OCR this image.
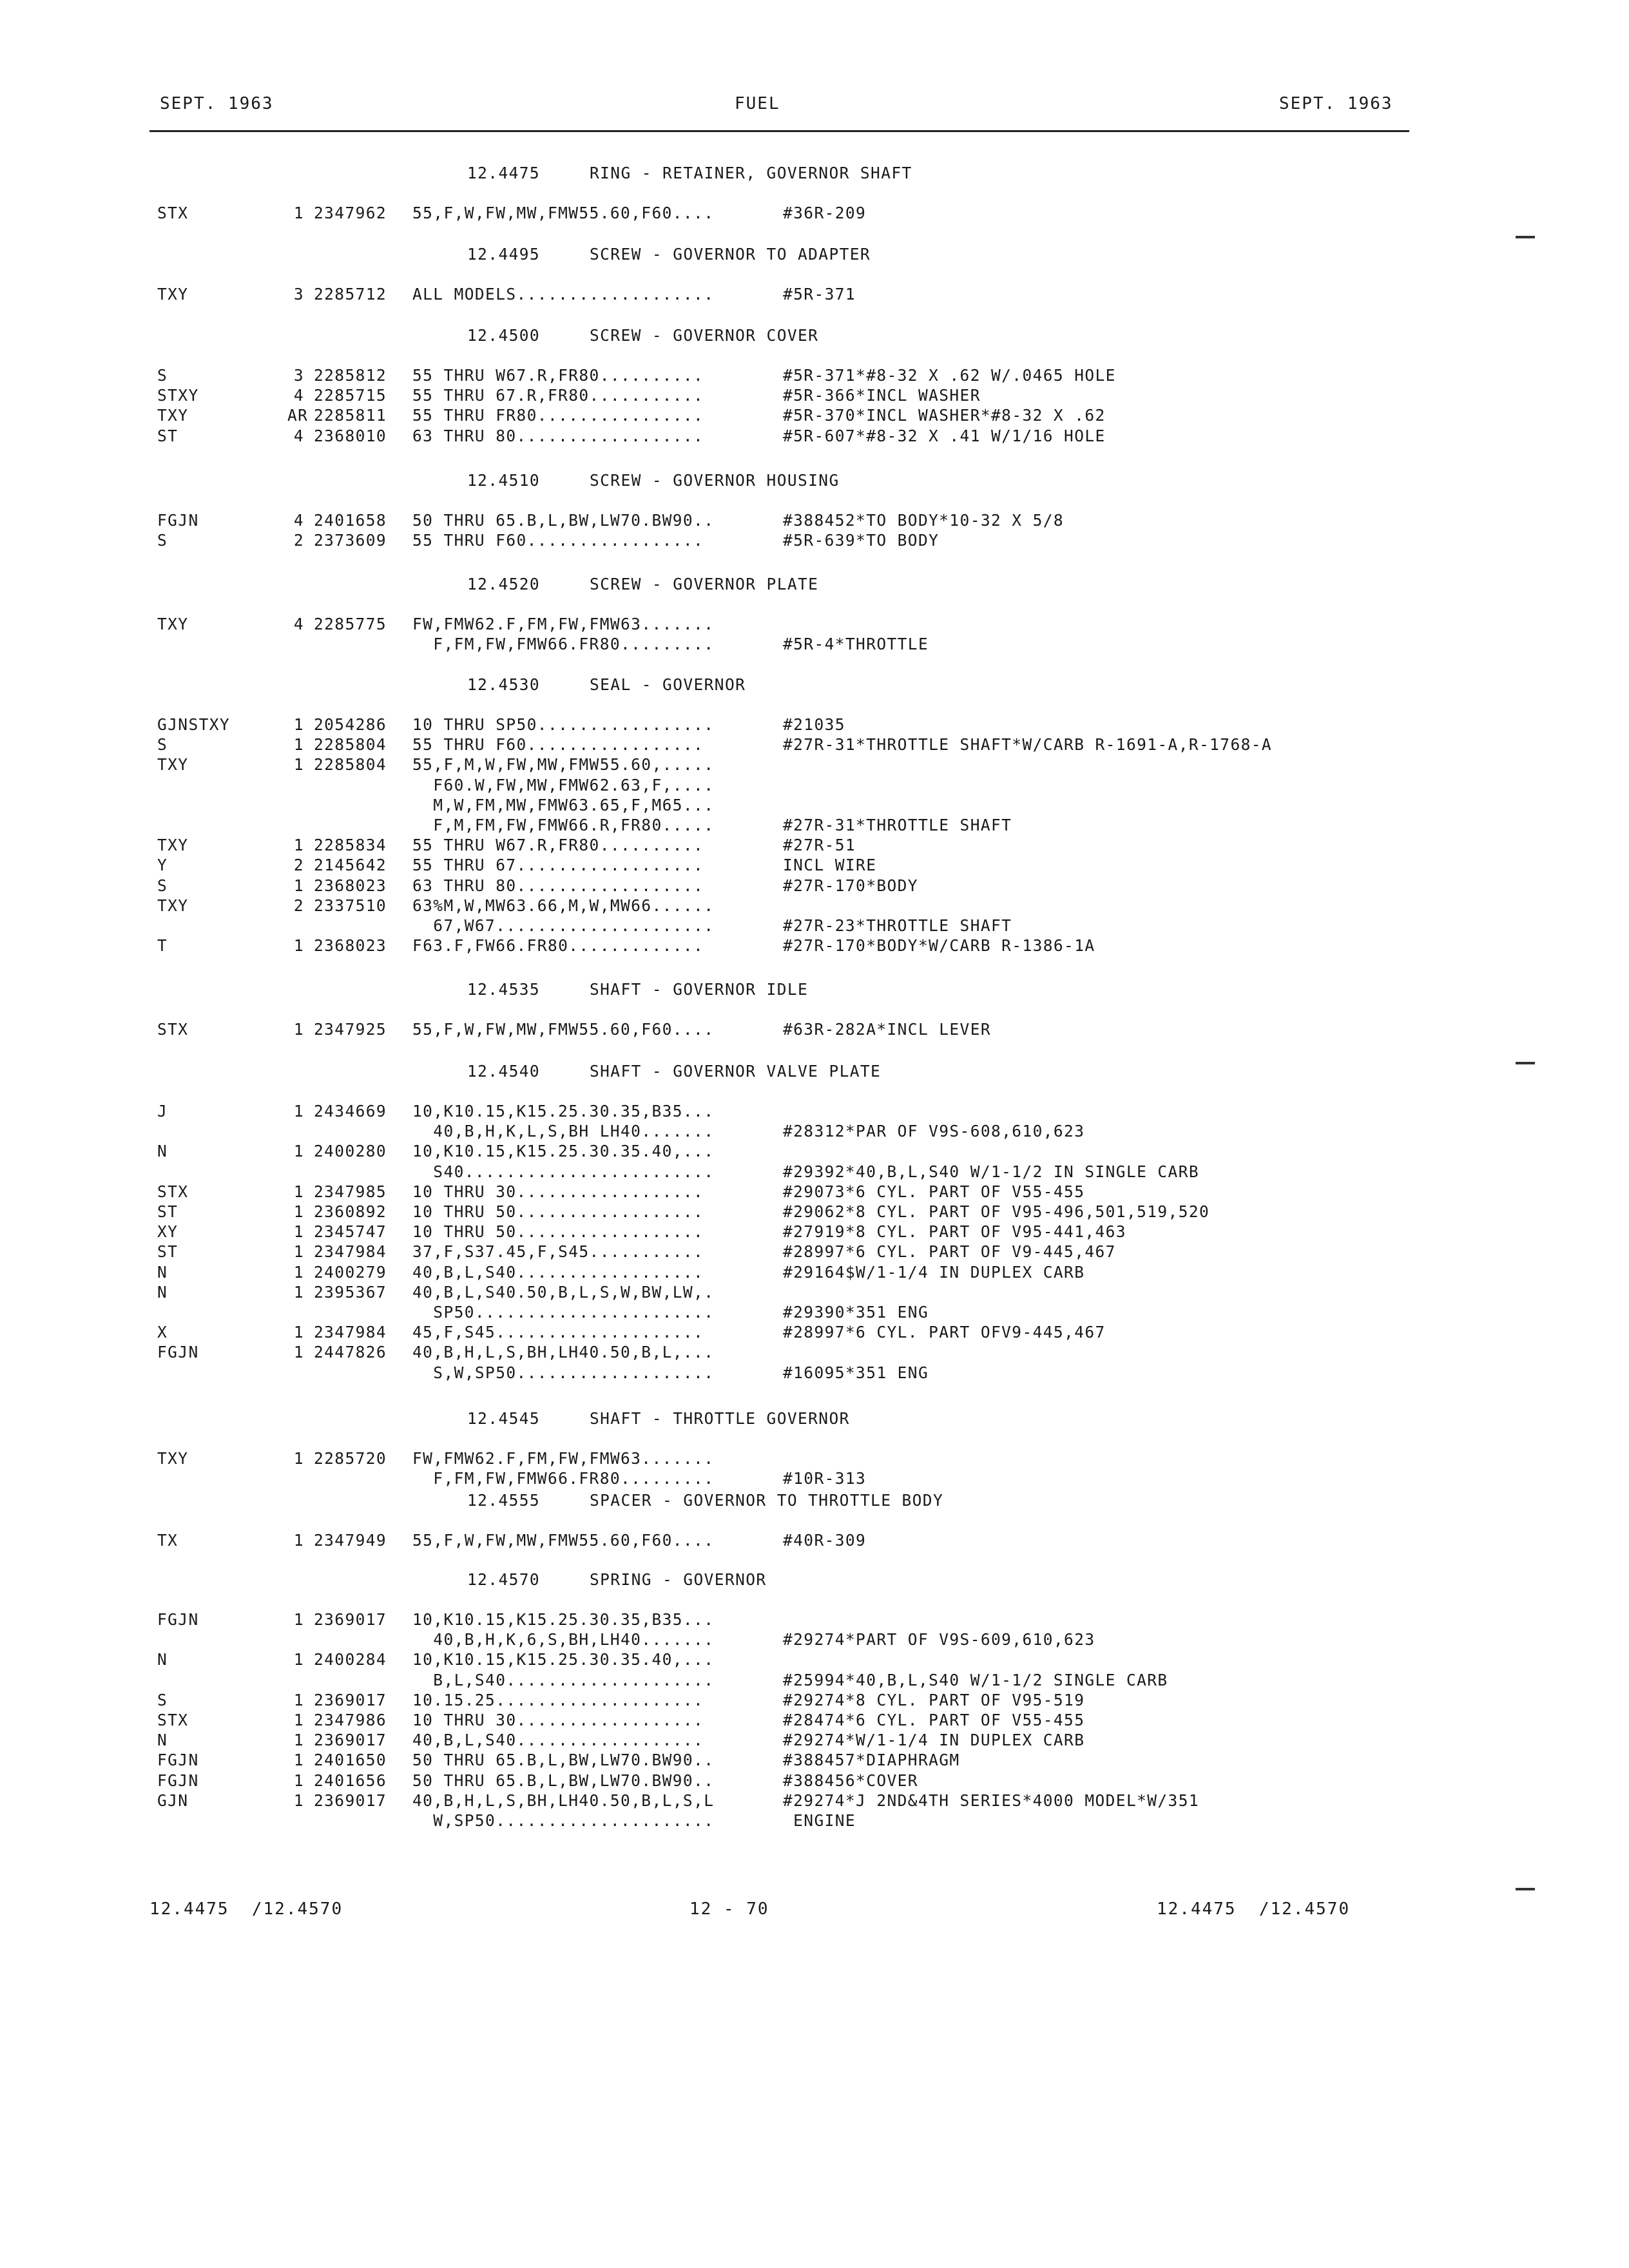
SEPT. 1963	FUEL	SEPT. 1963
12.4475	RING - RETAINER, GOVERNOR SHAFT
STX	1 2347962 55,F,W,FW,MW,FMW55.60,F60....	#36R-209
12.4495	SCREW - GOVERNOR TO ADAPTER
TXY	3 2285712 ALL MODELS...................	#5R-371
12.4500	SCREW - GOVERNOR COVER
S	3 2285812 55 THRU W67.R,FR80..........	#5R-371*#8-32 X .62 W/.0465 HOLE
STXY	4 2285715 55 THRU 67.R,FR80...........	#5R-366*INCL WASHER
TXY	AR 2285811 55 THRU FR80................	#5R-370*INCL WASHER*#8-32 X .62
ST	4 2368010 63 THRU 80..................	#5R-607*#8-32 X .41 W/1/16 HOLE
12.4510	SCREW - GOVERNOR HOUSING
FGJN	4 2401658 50 THRU 65.B,L,BW,LW70.BW90..	#388452*TO BODY*10-32 X 5/8
S	2 2373609 55 THRU F60.................	#5R-639*TO BODY
12.4520	SCREW - GOVERNOR PLATE
TXY	4 2285775 FW,FMW62.F,FM,FW,FMW63.......
F,FM,FW,FMW66.FR80.........	#5R-4*THROTTLE
12.4530	SEAL - GOVERNOR
GJNSTXY	1 2054286 10 THRU SP50.................	#21035
S	1 2285804 55 THRU F60.................	#27R-31*THROTTLE SHAFT*W/CARB R-1691-A,R-1768-A
TXY	1 2285804 55,F,M,W,FW,MW,FMW55.60,.....
F60.W,FW,MW,FMW62.63,F,....
M,W,FM,MW,FMW63.65,F,M65...
F,M,FM,FW,FMW66.R,FR80.....	#27R-31*THROTTLE SHAFT
TXY	1 2285834 55 THRU W67.R,FR80..........	#27R-51
Y	2 2145642 55 THRU 67..................	INCL WIRE
S	1 2368023 63 THRU 80..................	#27R-170*BODY
TXY	2 2337510 63%M,W,MW63.66,M,W,MW66......
67,W67.....................	#27R-23*THROTTLE SHAFT
T	1 2368023 F63.F,FW66.FR80.............	#27R-170*BODY*W/CARB R-1386-1A
12.4535	SHAFT - GOVERNOR IDLE
STX	1 2347925 55,F,W,FW,MW,FMW55.60,F60....	#63R-282A*INCL LEVER
12.4540	SHAFT - GOVERNOR VALVE PLATE
J	1 2434669 10,K10.15,K15.25.30.35,B35...
40,B,H,K,L,S,BH LH40.......	#28312*PAR OF V9S-608,610,623
N	1 2400280 10,K10.15,K15.25.30.35.40,...
S40........................	#29392*40,B,L,S40 W/1-1/2 IN SINGLE CARB
STX	1 2347985 10 THRU 30..................	#29073*6 CYL. PART OF V55-455
ST	1 2360892 10 THRU 50..................	#29062*8 CYL. PART OF V95-496,501,519,520
XY	1 2345747 10 THRU 50..................	#27919*8 CYL. PART OF V95-441,463
ST	1 2347984 37,F,S37.45,F,S45...........	#28997*6 CYL. PART OF V9-445,467
N	1 2400279 40,B,L,S40..................	#29164$W/1-1/4 IN DUPLEX CARB
N	1 2395367 40,B,L,S40.50,B,L,S,W,BW,LW,.
SP50.......................	#29390*351 ENG
X	1 2347984 45,F,S45....................	#28997*6 CYL. PART OFV9-445,467
FGJN	1 2447826 40,B,H,L,S,BH,LH40.50,B,L,...
S,W,SP50...................	#16095*351 ENG
12.4545	SHAFT - THROTTLE GOVERNOR
TXY	1 2285720 FW,FMW62.F,FM,FW,FMW63.......
F,FM,FW,FMW66.FR80.........	#10R-313
12.4555	SPACER - GOVERNOR TO THROTTLE BODY
TX	1 2347949 55,F,W,FW,MW,FMW55.60,F60....	#40R-309
12.4570	SPRING - GOVERNOR
FGJN	1 2369017 10,K10.15,K15.25.30.35,B35...
40,B,H,K,6,S,BH,LH40.......	#29274*PART OF V9S-609,610,623
N	1 2400284 10,K10.15,K15.25.30.35.40,...
B,L,S40....................	#25994*40,B,L,S40 W/1-1/2 SINGLE CARB
S	1 2369017 10.15.25....................	#29274*8 CYL. PART OF V95-519
STX	1 2347986 10 THRU 30..................	#28474*6 CYL. PART OF V55-455
N	1 2369017 40,B,L,S40..................	#29274*W/1-1/4 IN DUPLEX CARB
FGJN	1 2401650 50 THRU 65.B,L,BW,LW70.BW90..	#388457*DIAPHRAGM
FGJN	1 2401656 50 THRU 65.B,L,BW,LW70.BW90..	#388456*COVER
GJN	1 2369017 40,B,H,L,S,BH,LH40.50,B,L,S,L	#29274*J 2ND&4TH SERIES*4000 MODEL*W/351
W,SP50.....................	ENGINE
12.4475  /12.4570	12 - 70	12.4475  /12.4570
